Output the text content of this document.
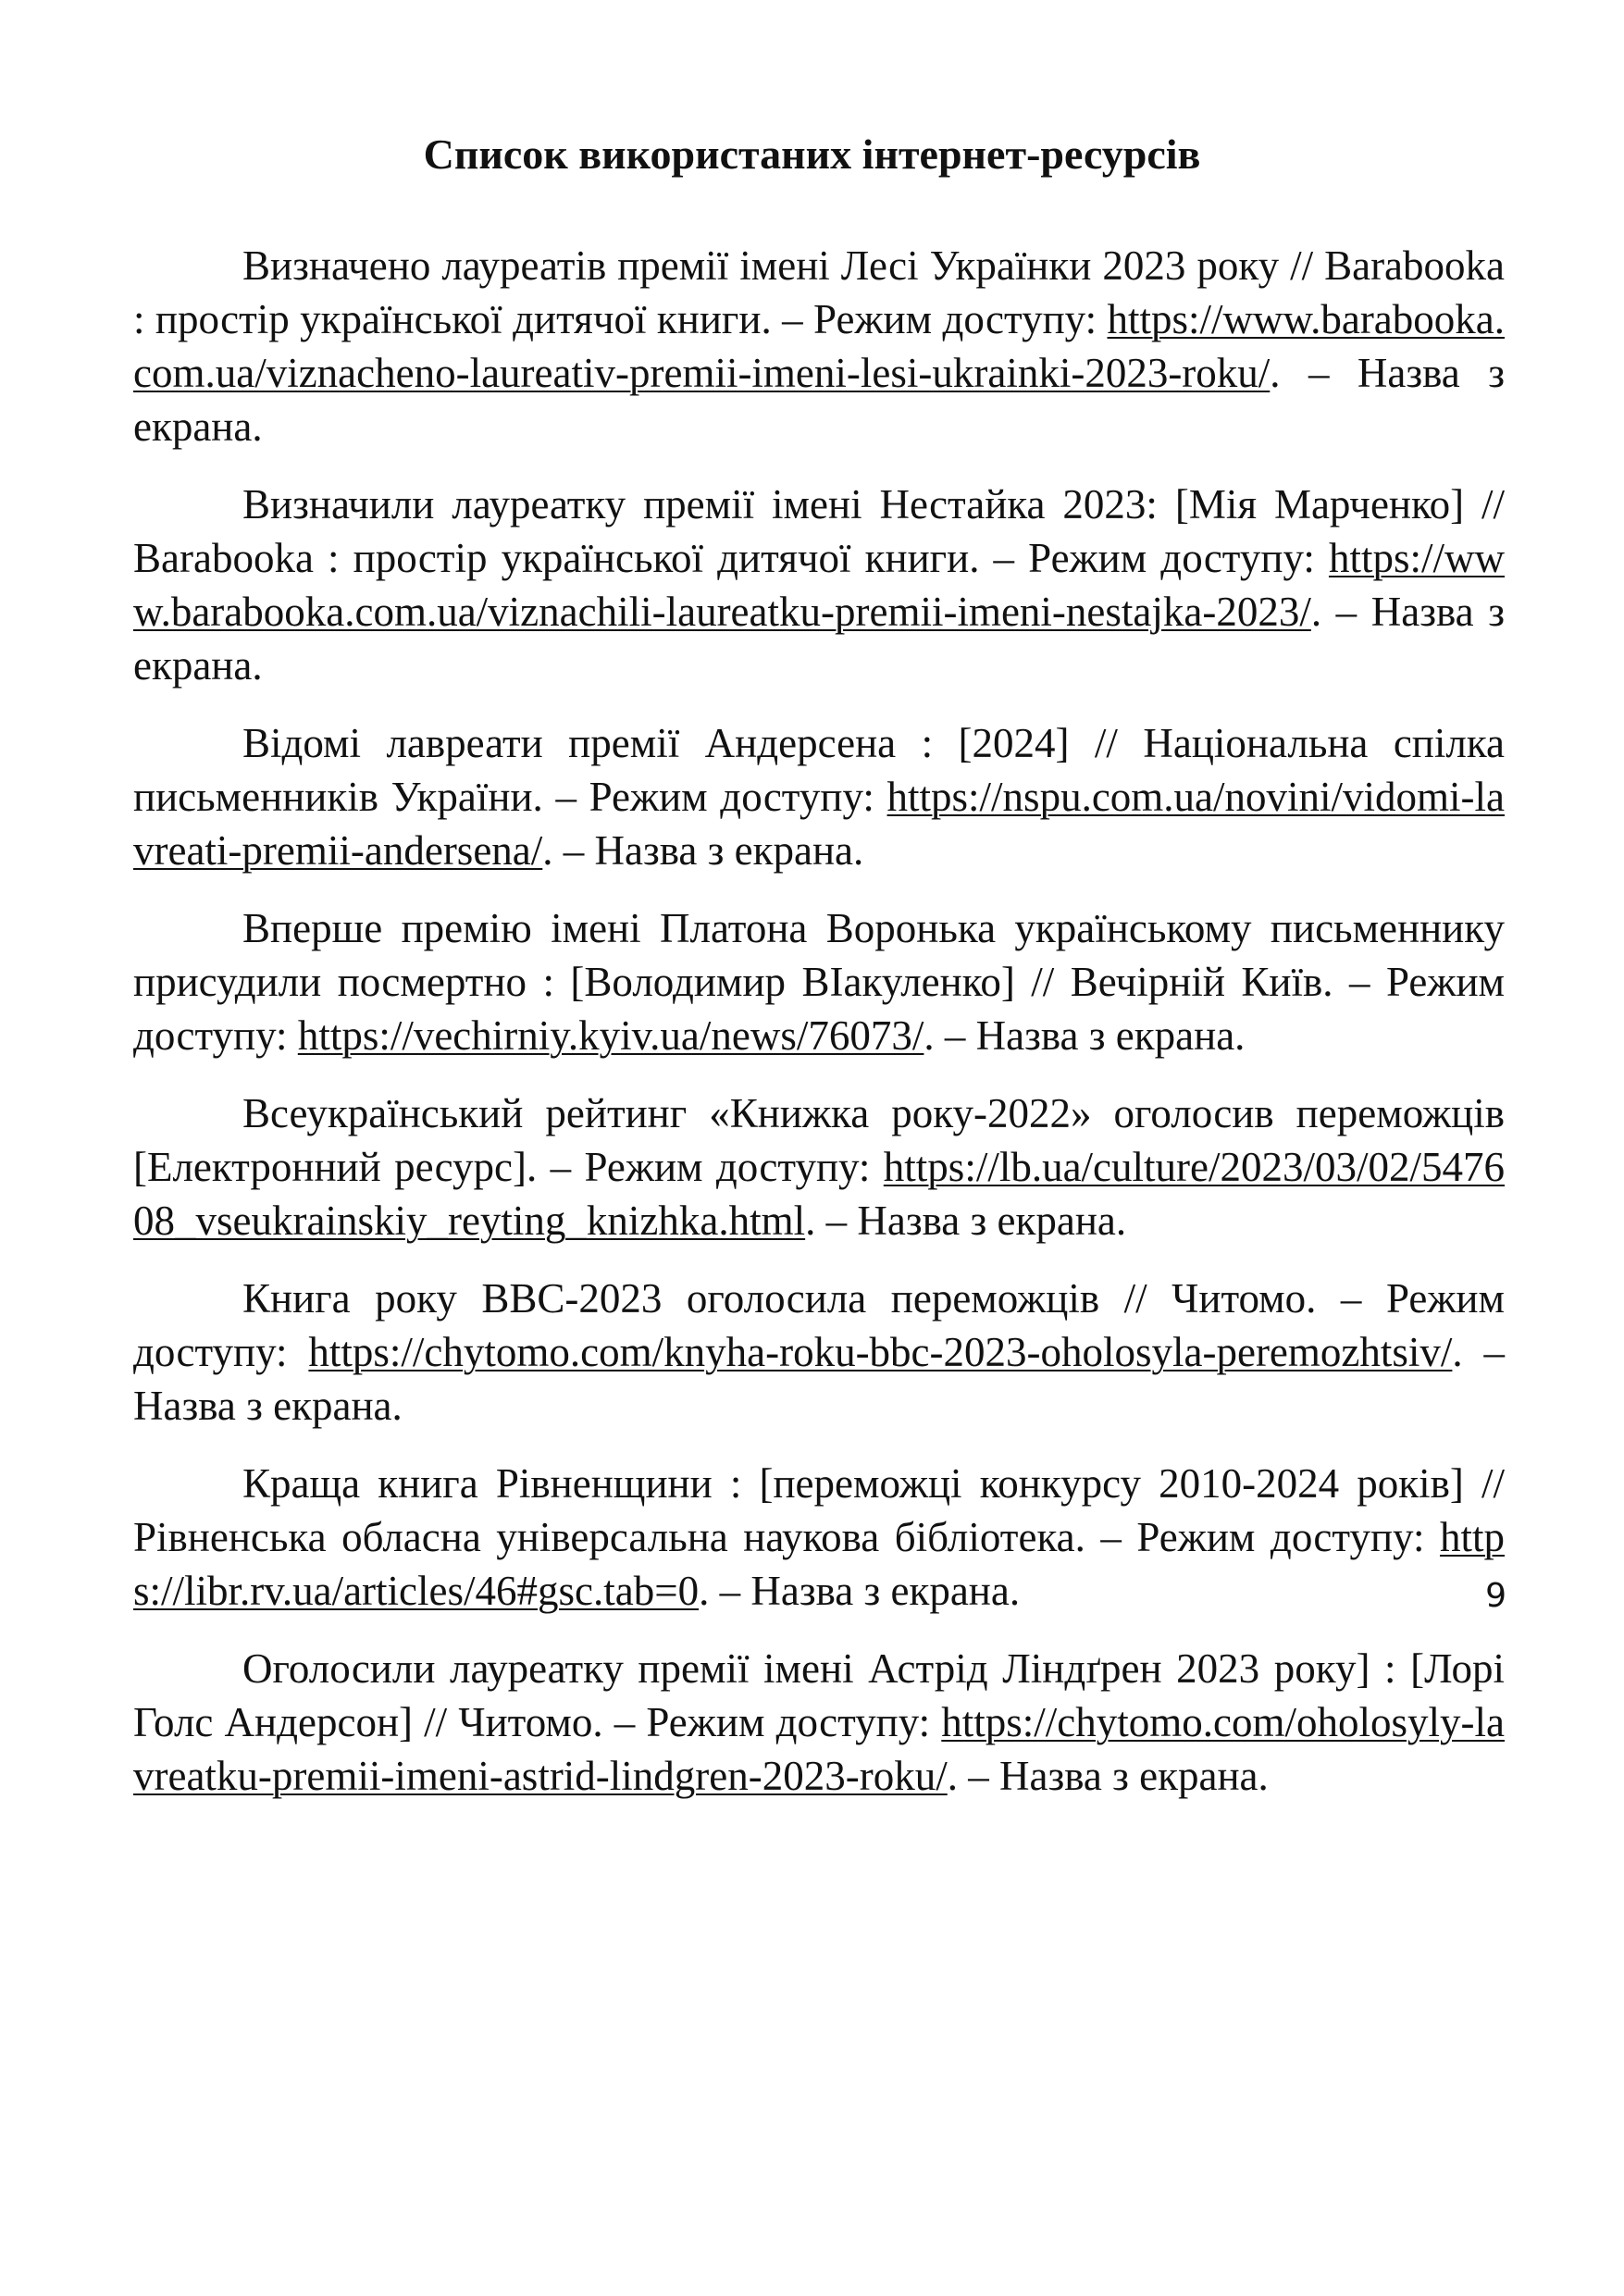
Список використаних інтернет-ресурсів

Визначено лауреатів премії імені Лесі Українки 2023 року // Barabooka : простір української дитячої книги. – Режим доступу: https://www.barabooka.com.ua/viznacheno-laureativ-premii-imeni-lesi-ukrainki-2023-roku/. – Назва з екрана.

Визначили лауреатку премії імені Нестайка 2023: [Мія Марченко] // Barabooka : простір української дитячої книги. – Режим доступу: https://www.barabooka.com.ua/viznachili-laureatku-premii-imeni-nestajka-2023/. – Назва з екрана.

Відомі лавреати премії Андерсена : [2024] // Національна спілка письменників України. – Режим доступу: https://nspu.com.ua/novini/vidomi-lavreati-premii-andersena/. – Назва з екрана.

Вперше премію імені Платона Воронька українському письменнику присудили посмертно : [Володимир ВІакуленко] // Вечірній Київ. – Режим доступу: https://vechirniy.kyiv.ua/news/76073/. – Назва з екрана.

Всеукраїнський рейтинг «Книжка року-2022» оголосив переможців [Електронний ресурс]. – Режим доступу: https://lb.ua/culture/2023/03/02/547608_vseukrainskiy_reyting_knizhka.html. – Назва з екрана.

Книга року ВВС-2023 оголосила переможців // Читомо. – Режим доступу: https://chytomo.com/knyha-roku-bbc-2023-oholosyla-peremozhtsiv/. – Назва з екрана.

Краща книга Рівненщини : [переможці конкурсу 2010-2024 років] // Рівненська обласна універсальна наукова бібліотека. – Режим доступу: https://libr.rv.ua/articles/46#gsc.tab=0. – Назва з екрана.

Оголосили лауреатку премії імені Астрід Ліндґрен 2023 року] : [Лорі Голс Андерсон] // Читомо. – Режим доступу: https://chytomo.com/oholosyly-lavreatku-premii-imeni-astrid-lindgren-2023-roku/. – Назва з екрана.

9
